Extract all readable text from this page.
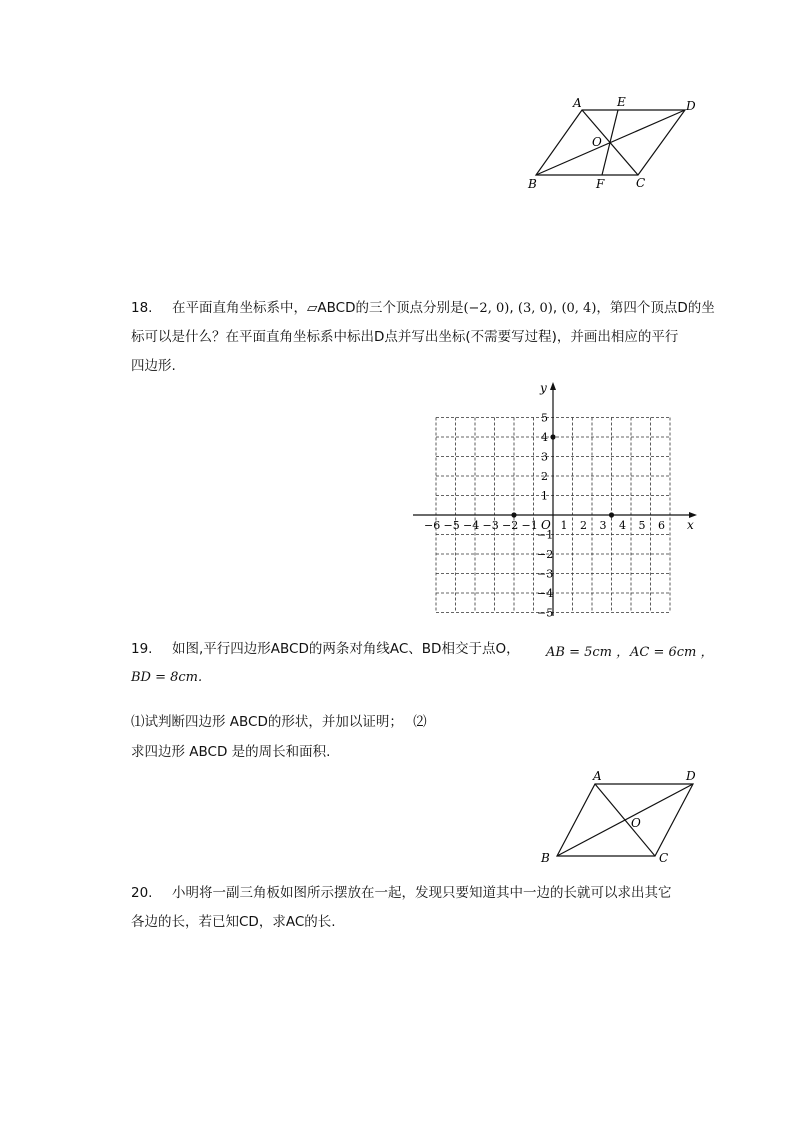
A	E	D
O
B	F	C
18. 在平面直角坐标系中，▱ABCD的三个顶点分别是(−2, 0), (3, 0), (0, 4)，第四个顶点D的坐
标可以是什么？在平面直角坐标系中标出D点并写出坐标(不需要写过程)，并画出相应的平行
四边形.
x
y
O
−6 −5 −4 −3 −2 −1 1 2 3 4 5 6
1
2
3
4
5
−1
−2
−3
−4
−5
19. 如图,平行四边形ABCD的两条对角线AC、BD相交于点O， AB = 5cm ， AC = 6cm ，
BD = 8cm.
⑴试判断四边形 ABCD的形状，并加以证明； ⑵
求四边形 ABCD 是的周长和面积.
A	D
O
B	C
20. 小明将一副三角板如图所示摆放在一起，发现只要知道其中一边的长就可以求出其它
各边的长，若已知CD，求AC的长.
